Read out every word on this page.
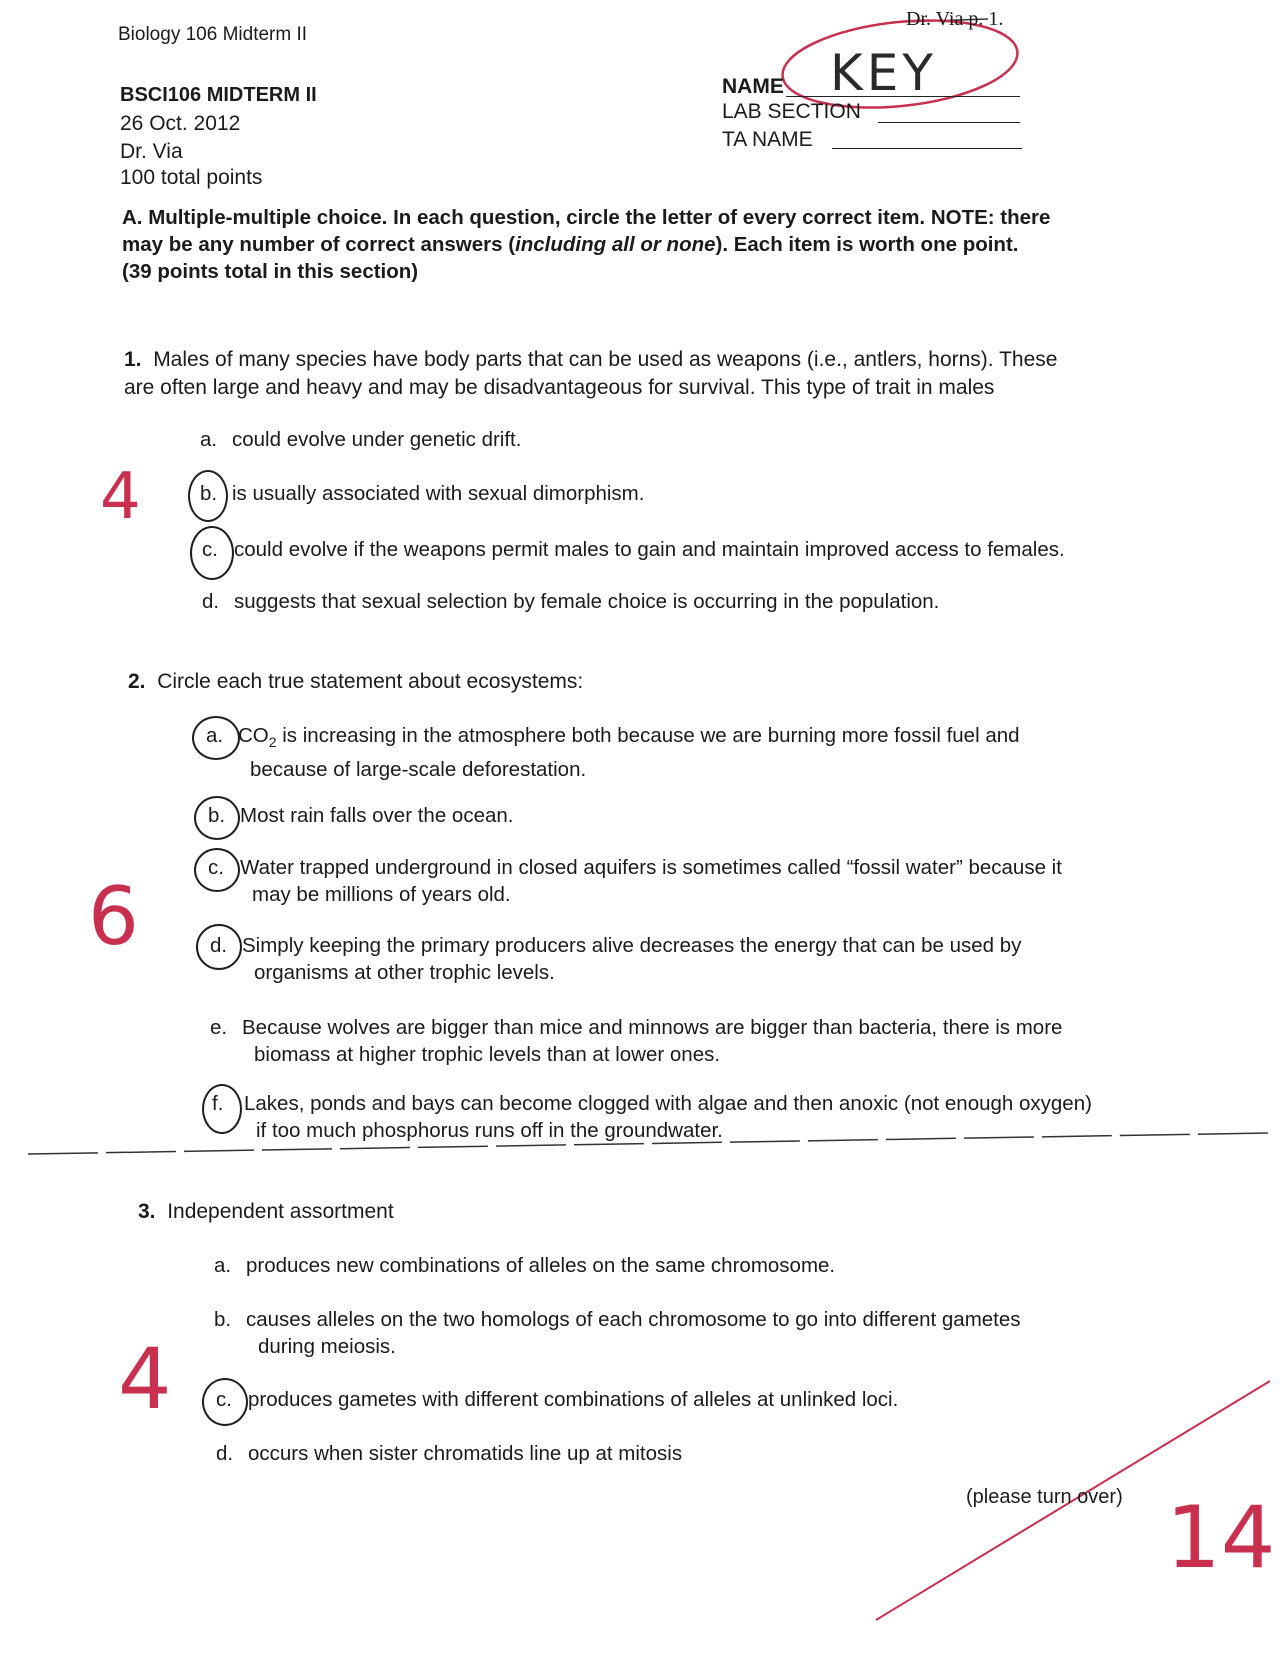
Dr. Via p. 1.
Biology 106 Midterm II
BSCI106 MIDTERM II
26 Oct. 2012
Dr. Via
100 total points
NAME KEY
LAB SECTION
TA NAME
A. Multiple-multiple choice. In each question, circle the letter of every correct item. NOTE: there
may be any number of correct answers (including all or none). Each item is worth one point.
(39 points total in this section)
1. Males of many species have body parts that can be used as weapons (i.e., antlers, horns). These
are often large and heavy and may be disadvantageous for survival. This type of trait in males
4
a. could evolve under genetic drift.
b. is usually associated with sexual dimorphism.
c. could evolve if the weapons permit males to gain and maintain improved access to females.
d. suggests that sexual selection by female choice is occurring in the population.
2. Circle each true statement about ecosystems:
6
a. $CO_2$ is increasing in the atmosphere both because we are burning more fossil fuel and
because of large-scale deforestation.
b. Most rain falls over the ocean.
c. Water trapped underground in closed aquifers is sometimes called “fossil water” because it
may be millions of years old.
d. Simply keeping the primary producers alive decreases the energy that can be used by
organisms at other trophic levels.
e. Because wolves are bigger than mice and minnows are bigger than bacteria, there is more
biomass at higher trophic levels than at lower ones.
f. Lakes, ponds and bays can become clogged with algae and then anoxic (not enough oxygen)
if too much phosphorus runs off in the groundwater.
3. Independent assortment
4
a. produces new combinations of alleles on the same chromosome.
b. causes alleles on the two homologs of each chromosome to go into different gametes
during meiosis.
c. produces gametes with different combinations of alleles at unlinked loci.
d. occurs when sister chromatids line up at mitosis
(please turn over) 14
